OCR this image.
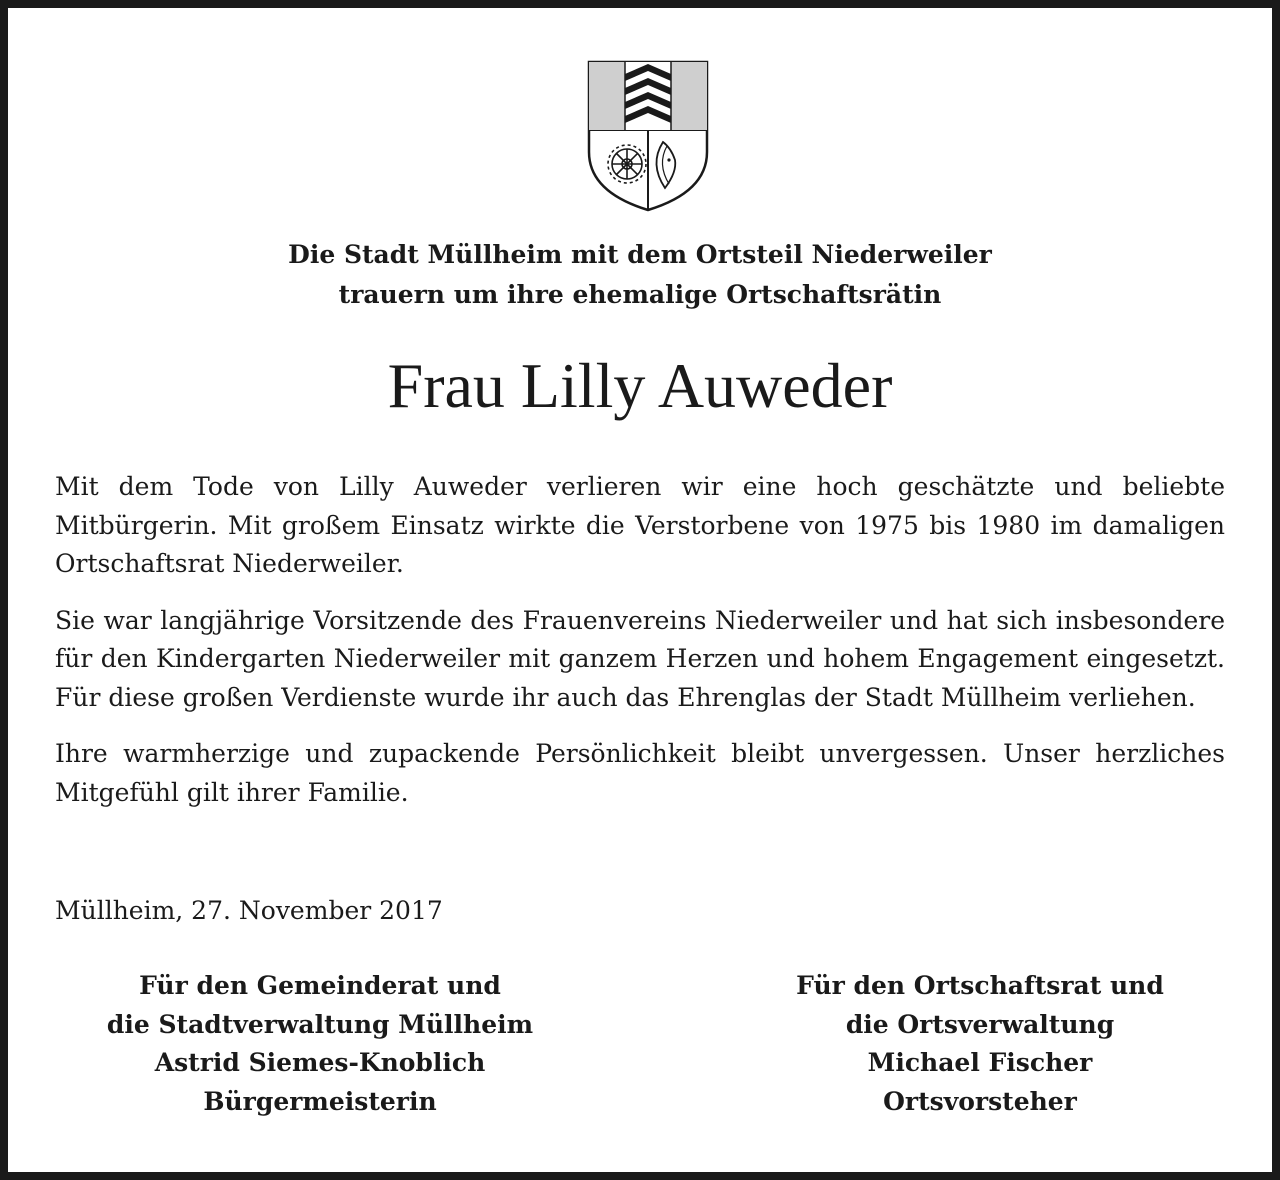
Die Stadt Müllheim mit dem Ortsteil Niederweiler
trauern um ihre ehemalige Ortschaftsrätin
Frau Lilly Auweder

Mit dem Tode von Lilly Auweder verlieren wir eine hoch geschätzte und beliebte Mitbürgerin. Mit großem Einsatz wirkte die Verstorbene von 1975 bis 1980 im damaligen Ortschaftsrat Niederweiler.

Sie war langjährige Vorsitzende des Frauenvereins Niederweiler und hat sich insbesondere für den Kindergarten Niederweiler mit ganzem Herzen und hohem Engagement eingesetzt. Für diese großen Verdienste wurde ihr auch das Ehrenglas der Stadt Müllheim verliehen.

Ihre warmherzige und zupackende Persönlichkeit bleibt unvergessen. Unser herzliches Mitgefühl gilt ihrer Familie.

Müllheim, 27. November 2017
Für den Gemeinderat und
die Stadtverwaltung Müllheim
Astrid Siemes-Knoblich
Bürgermeisterin
Für den Ortschaftsrat und
die Ortsverwaltung
Michael Fischer
Ortsvorsteher
